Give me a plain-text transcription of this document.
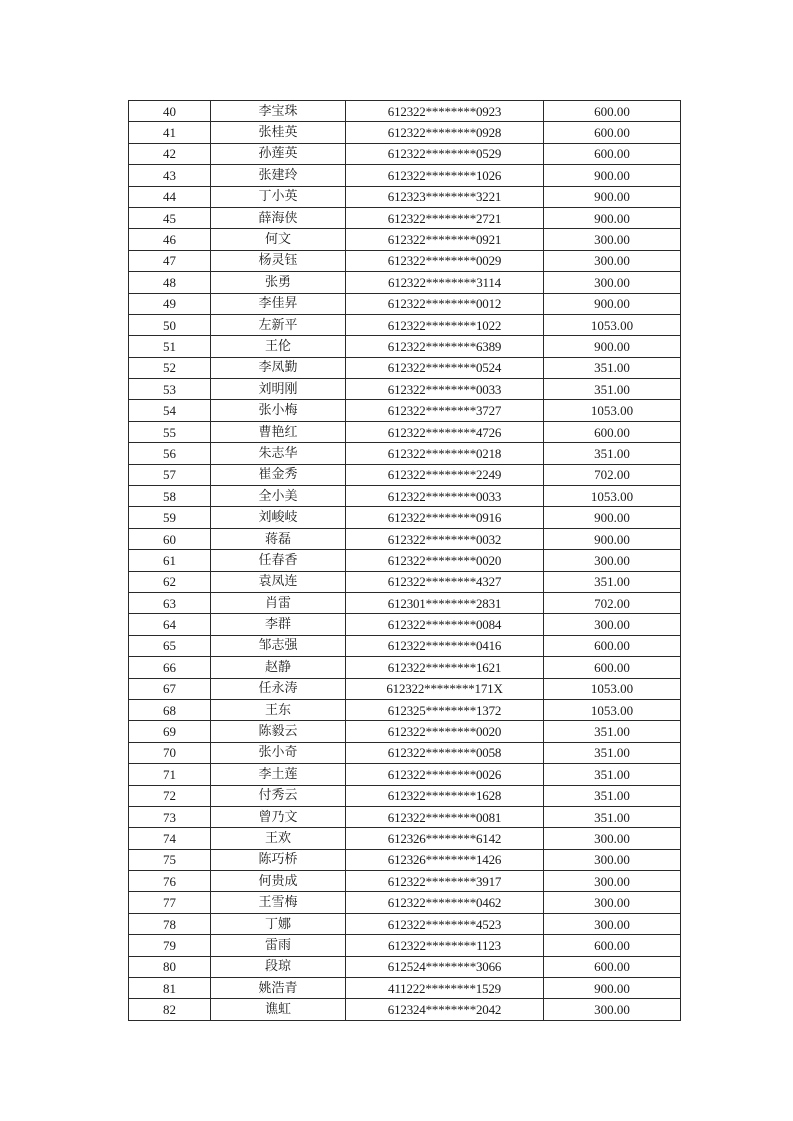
40	李宝珠	612322********0923	600.00
41	张桂英	612322********0928	600.00
42	孙莲英	612322********0529	600.00
43	张建玲	612322********1026	900.00
44	丁小英	612323********3221	900.00
45	薛海侠	612322********2721	900.00
46	何文	612322********0921	300.00
47	杨灵钰	612322********0029	300.00
48	张勇	612322********3114	300.00
49	李佳昇	612322********0012	900.00
50	左新平	612322********1022	1053.00
51	王伦	612322********6389	900.00
52	李凤勤	612322********0524	351.00
53	刘明刚	612322********0033	351.00
54	张小梅	612322********3727	1053.00
55	曹艳红	612322********4726	600.00
56	朱志华	612322********0218	351.00
57	崔金秀	612322********2249	702.00
58	全小美	612322********0033	1053.00
59	刘峻岐	612322********0916	900.00
60	蒋磊	612322********0032	900.00
61	任春香	612322********0020	300.00
62	袁凤连	612322********4327	351.00
63	肖雷	612301********2831	702.00
64	李群	612322********0084	300.00
65	邹志强	612322********0416	600.00
66	赵静	612322********1621	600.00
67	任永涛	612322********171X	1053.00
68	王东	612325********1372	1053.00
69	陈毅云	612322********0020	351.00
70	张小奇	612322********0058	351.00
71	李土莲	612322********0026	351.00
72	付秀云	612322********1628	351.00
73	曾乃文	612322********0081	351.00
74	王欢	612326********6142	300.00
75	陈巧桥	612326********1426	300.00
76	何贵成	612322********3917	300.00
77	王雪梅	612322********0462	300.00
78	丁娜	612322********4523	300.00
79	雷雨	612322********1123	600.00
80	段琼	612524********3066	600.00
81	姚浩青	411222********1529	900.00
82	谯虹	612324********2042	300.00
